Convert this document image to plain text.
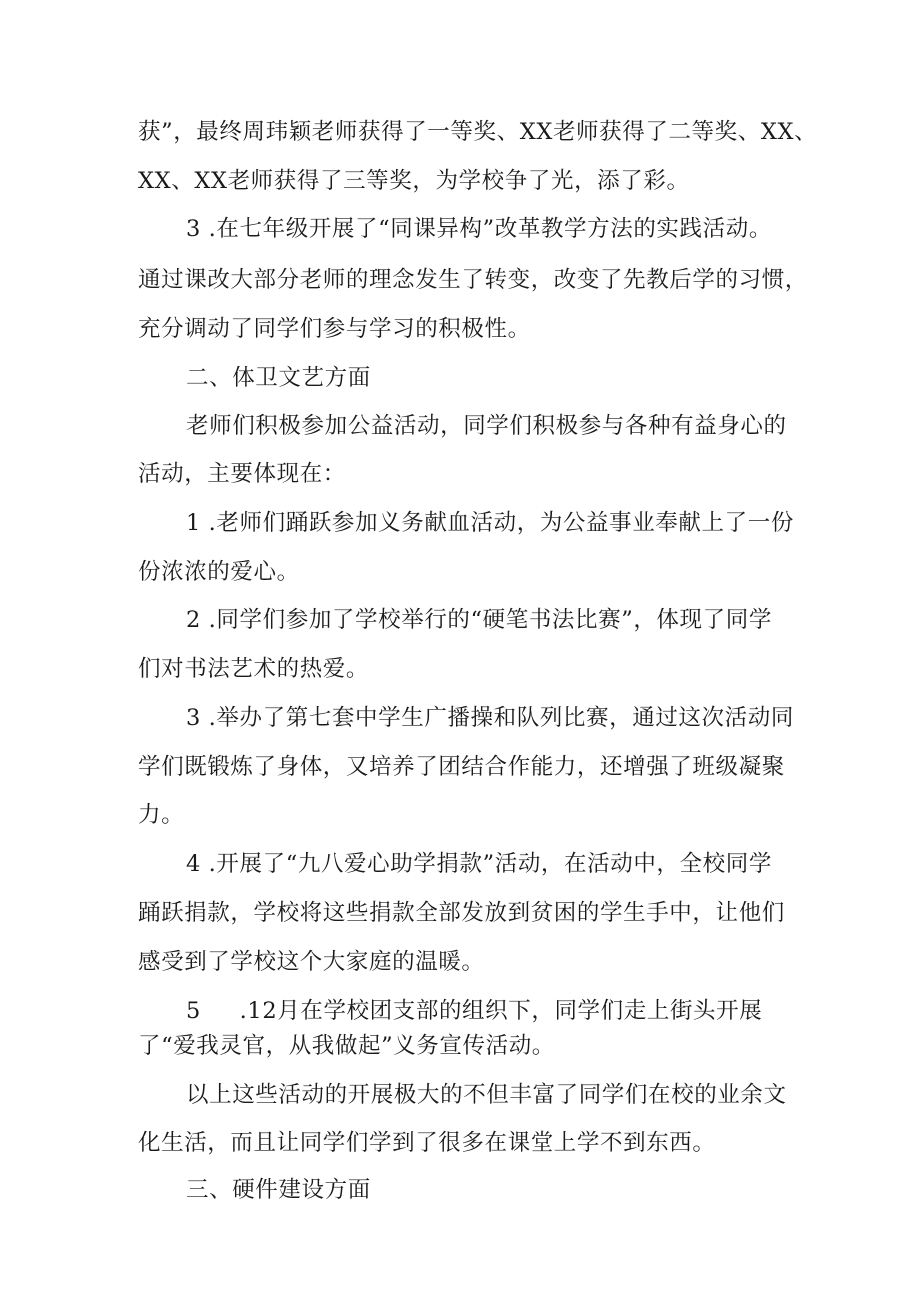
获”，最终周玮颖老师获得了一等奖、XX老师获得了二等奖、XX、
XX、XX老师获得了三等奖，为学校争了光，添了彩。
3 .在七年级开展了“同课异构”改革教学方法的实践活动。
通过课改大部分老师的理念发生了转变，改变了先教后学的习惯，
充分调动了同学们参与学习的积极性。
二、体卫文艺方面
老师们积极参加公益活动，同学们积极参与各种有益身心的
活动，主要体现在：
1 .老师们踊跃参加义务献血活动，为公益事业奉献上了一份
份浓浓的爱心。
2 .同学们参加了学校举行的“硬笔书法比赛”，体现了同学
们对书法艺术的热爱。
3 .举办了第七套中学生广播操和队列比赛，通过这次活动同
学们既锻炼了身体，又培养了团结合作能力，还增强了班级凝聚
力。
4 .开展了“九八爱心助学捐款”活动，在活动中，全校同学
踊跃捐款，学校将这些捐款全部发放到贫困的学生手中，让他们
感受到了学校这个大家庭的温暖。
5     .12月在学校团支部的组织下，同学们走上街头开展
了“爱我灵官，从我做起”义务宣传活动。
以上这些活动的开展极大的不但丰富了同学们在校的业余文
化生活，而且让同学们学到了很多在课堂上学不到东西。
三、硬件建设方面
